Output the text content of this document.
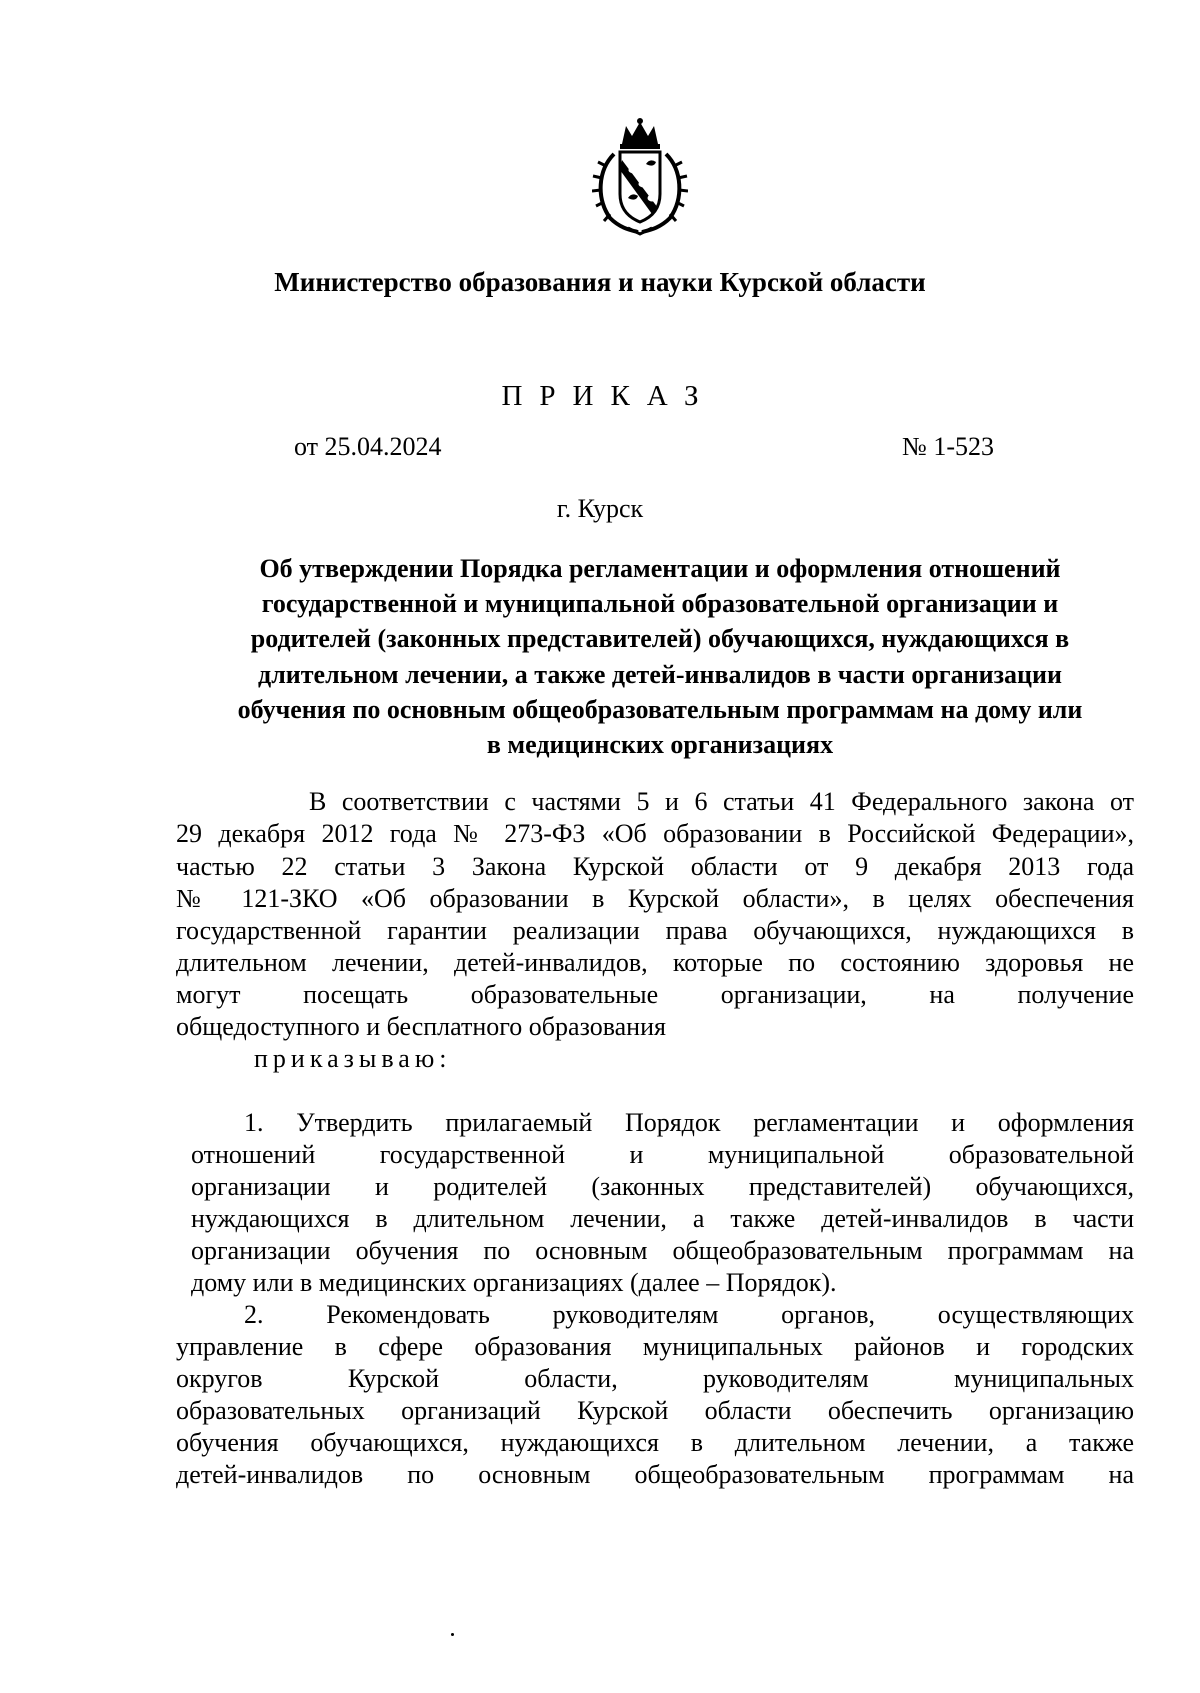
Министерство образования и науки Курской области
ПРИКАЗ
от 25.04.2024	№ 1-523
г. Курск
Об утверждении Порядка регламентации и оформления отношений
государственной и муниципальной образовательной организации и
родителей (законных представителей) обучающихся, нуждающихся в
длительном лечении, а также детей-инвалидов в части организации
обучения по основным общеобразовательным программам на дому или
в медицинских организациях
В соответствии с частями 5 и 6 статьи 41 Федерального закона от
29 декабря 2012 года № 273-ФЗ «Об образовании в Российской Федерации»,
частью 22 статьи 3 Закона Курской области от 9 декабря 2013 года
№ 121-ЗКО «Об образовании в Курской области», в целях обеспечения
государственной гарантии реализации права обучающихся, нуждающихся в
длительном лечении, детей-инвалидов, которые по состоянию здоровья не
могут посещать образовательные организации, на получение
общедоступного и бесплатного образования
приказываю:
1. Утвердить прилагаемый Порядок регламентации и оформления
отношений государственной и муниципальной образовательной
организации и родителей (законных представителей) обучающихся,
нуждающихся в длительном лечении, а также детей-инвалидов в части
организации обучения по основным общеобразовательным программам на
дому или в медицинских организациях (далее – Порядок).
2. Рекомендовать руководителям органов, осуществляющих
управление в сфере образования муниципальных районов и городских
округов Курской области, руководителям муниципальных
образовательных организаций Курской области обеспечить организацию
обучения обучающихся, нуждающихся в длительном лечении, а также
детей-инвалидов по основным общеобразовательным программам на
